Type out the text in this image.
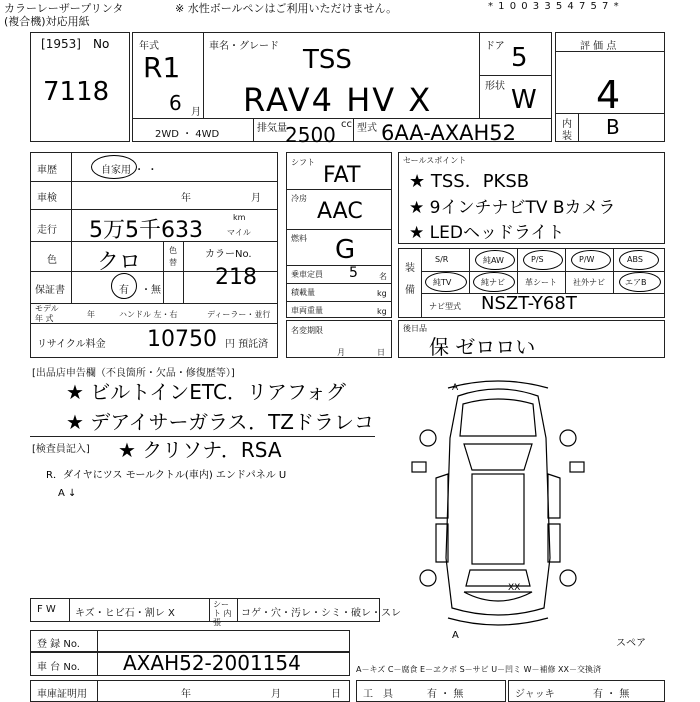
カラーレーザープリンタ
(複合機)対応用紙
※ 水性ボールペンはご利用いただけません。	* 1 0 0 3 3 5 4 7 5 7 *
[1953] No
7118
年式
R1
6 月
車名・グレード TSS
RAV4 HV X
ドア 5
形状 W
2WD ・ 4WD
排気量
2500 cc 型式 6AA-AXAH52
評 価 点
4
内
装 B
車歴	自家用 ・ ・
車検	年	月
走行 5万5千633
km
マイル
色 クロ	色
替
カラーNo.
218
保証書	有 ・無
モデル
年 式	年	ハンドル 左・右	ディーラー・並行
リサイクル料金 10750 円 預託済
シフト
FAT
冷房
AAC
燃料 G
乗車定員 5	名
積載量	kg
車両重量	kg
名変期限
月	日
セールスポイント
★ TSS．PKSB
★ 9インチナビTV Bカメラ
★ LEDヘッドライト
装
備
S/R	純AW	P/S	P/W	ABS
純TV	純ナビ	革シート 社外ナビ	エアB
ナビ型式 NSZT-Y68T
後日品
保 ゼロロい
[出品店申告欄（不良箇所・欠品・修復歴等）]
★ ビルトインETC．リアフォグ
★ デアイサーガラス．TZドラレコ
[検査員記入] ★ クリソナ．RSA
R．ダイヤにツス モールクトル(車内) エンドパネル U
A ↓
A
XX
A
スペア
F W キズ・ヒビ石・割レ X
シート 内張
コゲ・穴・汚レ・シミ・破レ・スレ
登 録 No.
車 台 No. AXAH52-2001154	A－キズ C－腐食 E－ヱクボ S－サビ U－凹ミ W－補修 XX－交換済
車庫証明用	年	月	日 工　具	有 ・ 無	ジャッキ	有 ・ 無
